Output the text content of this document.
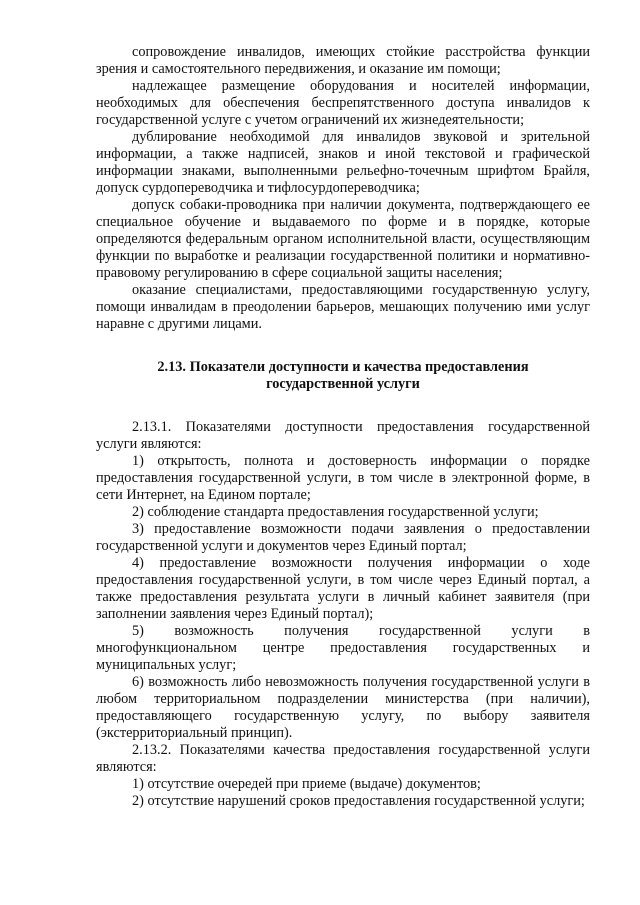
сопровождение инвалидов, имеющих стойкие расстройства функции зрения и самостоятельного передвижения, и оказание им помощи;

надлежащее размещение оборудования и носителей информации, необходимых для обеспечения беспрепятственного доступа инвалидов к государственной услуге с учетом ограничений их жизнедеятельности;

дублирование необходимой для инвалидов звуковой и зрительной информации, а также надписей, знаков и иной текстовой и графической информации знаками, выполненными рельефно-точечным шрифтом Брайля, допуск сурдопереводчика и тифлосурдопереводчика;

допуск собаки-проводника при наличии документа, подтверждающего ее специальное обучение и выдаваемого по форме и в порядке, которые определяются федеральным органом исполнительной власти, осуществляющим функции по выработке и реализации государственной политики и нормативно-правовому регулированию в сфере социальной защиты населения;

оказание специалистами, предоставляющими государственную услугу, помощи инвалидам в преодолении барьеров, мешающих получению ими услуг наравне с другими лицами.

2.13. Показатели доступности и качества предоставления
государственной услуги

2.13.1. Показателями доступности предоставления государственной услуги являются:

1) открытость, полнота и достоверность информации о порядке предоставления государственной услуги, в том числе в электронной форме, в сети Интернет, на Едином портале;

2) соблюдение стандарта предоставления государственной услуги;

3) предоставление возможности подачи заявления о предоставлении государственной услуги и документов через Единый портал;

4) предоставление возможности получения информации о ходе предоставления государственной услуги, в том числе через Единый портал, а также предоставления результата услуги в личный кабинет заявителя (при заполнении заявления через Единый портал);

5) возможность получения государственной услуги в многофункциональном центре предоставления государственных и муниципальных услуг;

6) возможность либо невозможность получения государственной услуги в любом территориальном подразделении министерства (при наличии), предоставляющего государственную услугу, по выбору заявителя (экстерриториальный принцип).

2.13.2. Показателями качества предоставления государственной услуги являются:

1) отсутствие очередей при приеме (выдаче) документов;

2) отсутствие нарушений сроков предоставления государственной услуги;
